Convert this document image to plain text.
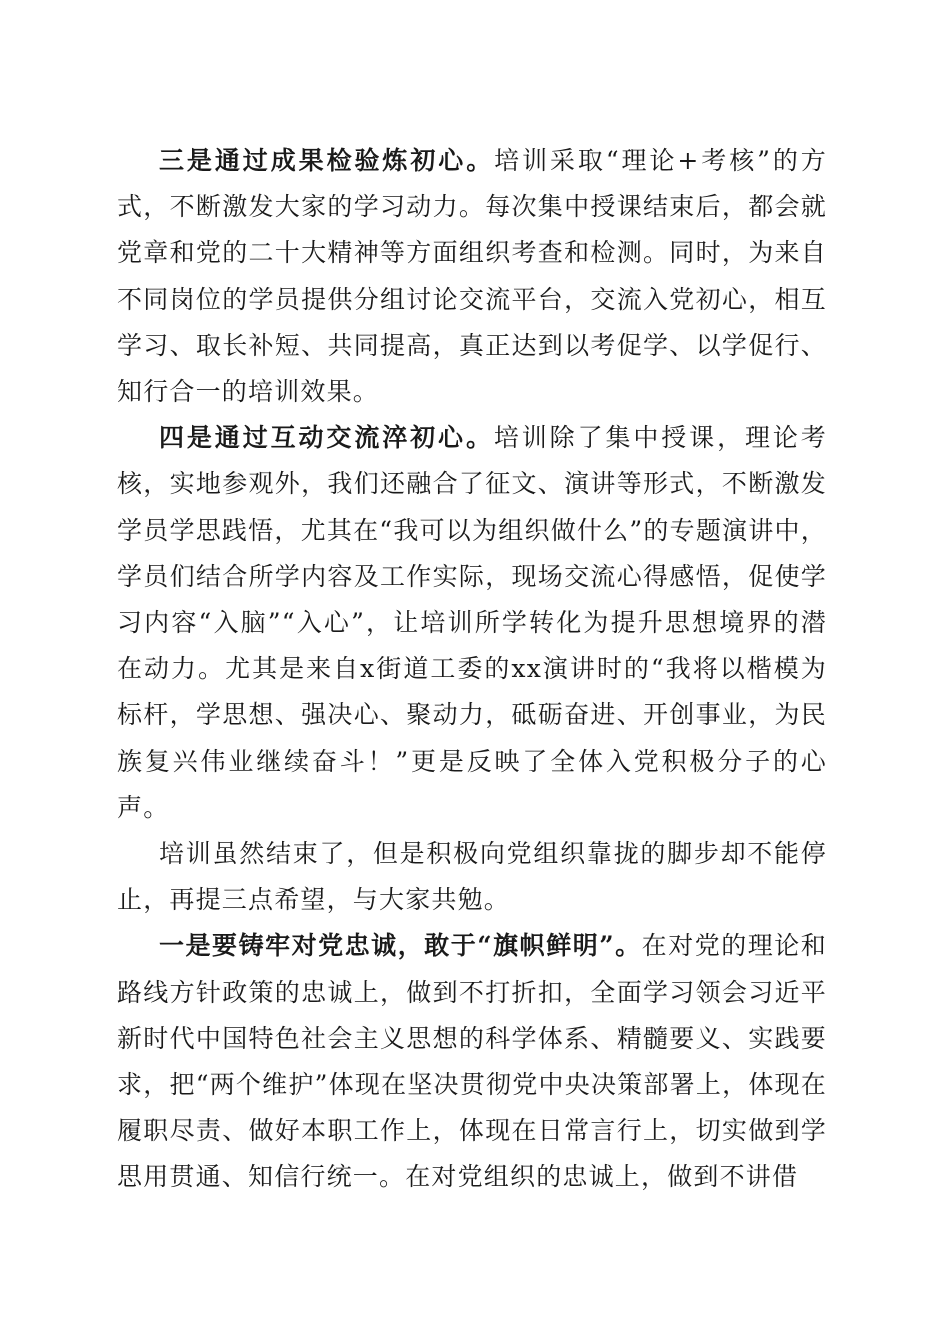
三是通过成果检验炼初心。培训采取“理论+考核”的方式，不断激发大家的学习动力。每次集中授课结束后，都会就党章和党的二十大精神等方面组织考查和检测。同时，为来自不同岗位的学员提供分组讨论交流平台，交流入党初心，相互学习、取长补短、共同提高，真正达到以考促学、以学促行、知行合一的培训效果。

四是通过互动交流淬初心。培训除了集中授课，理论考核，实地参观外，我们还融合了征文、演讲等形式，不断激发学员学思践悟，尤其在“我可以为组织做什么”的专题演讲中，学员们结合所学内容及工作实际，现场交流心得感悟，促使学习内容“入脑”“入心”，让培训所学转化为提升思想境界的潜在动力。尤其是来自x街道工委的xx演讲时的“我将以楷模为标杆，学思想、强决心、聚动力，砥砺奋进、开创事业，为民族复兴伟业继续奋斗！”更是反映了全体入党积极分子的心声。

培训虽然结束了，但是积极向党组织靠拢的脚步却不能停止，再提三点希望，与大家共勉。

一是要铸牢对党忠诚，敢于“旗帜鲜明”。在对党的理论和路线方针政策的忠诚上，做到不打折扣，全面学习领会习近平新时代中国特色社会主义思想的科学体系、精髓要义、实践要求，把“两个维护”体现在坚决贯彻党中央决策部署上，体现在履职尽责、做好本职工作上，体现在日常言行上，切实做到学思用贯通、知信行统一。在对党组织的忠诚上，做到不讲借
